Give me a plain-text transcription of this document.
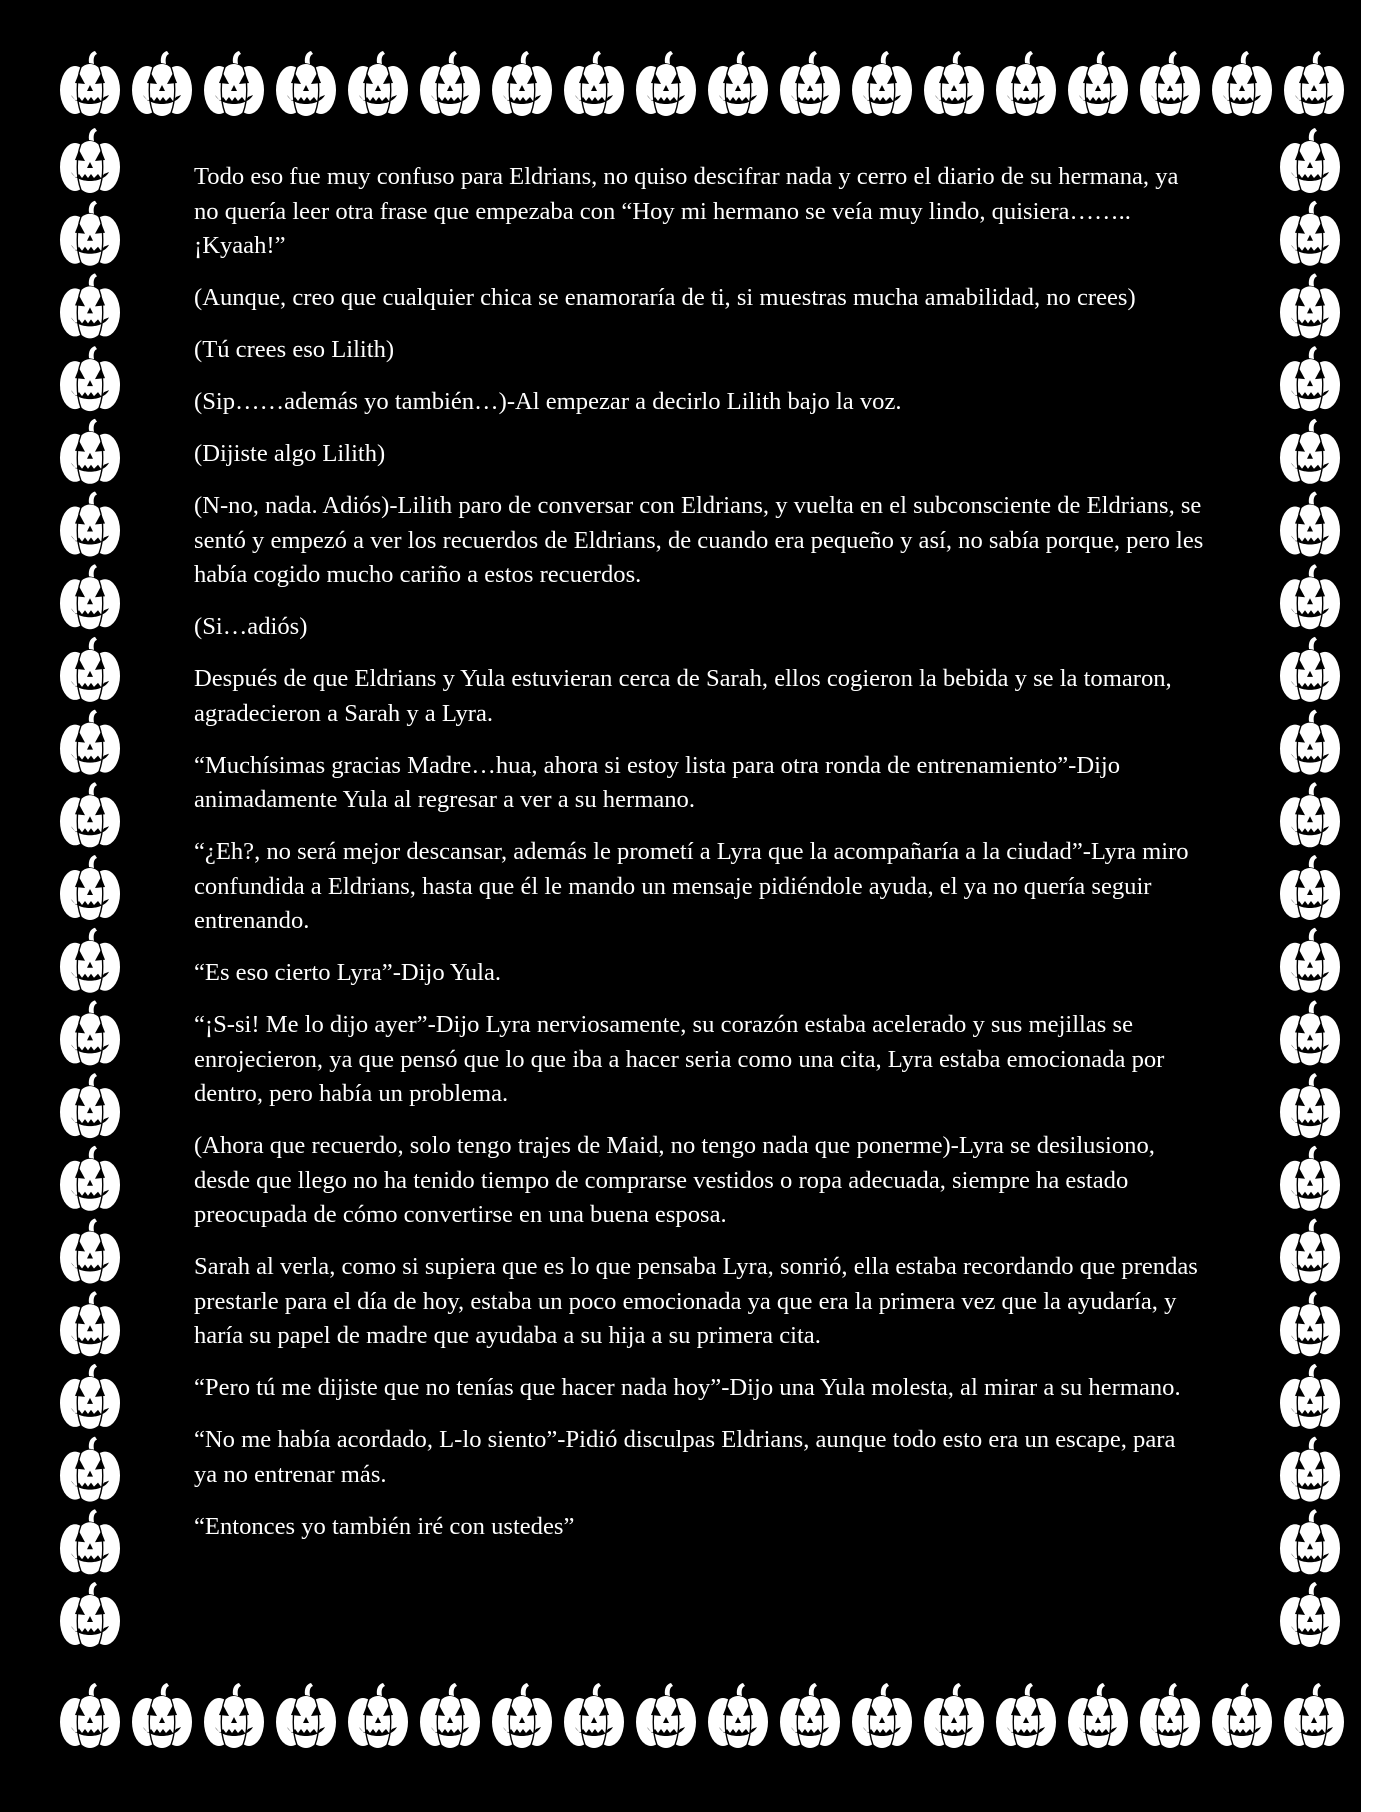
Todo eso fue muy confuso para Eldrians, no quiso descifrar nada y cerro el diario de su hermana, ya no quería leer otra frase que empezaba con “Hoy mi hermano se veía muy lindo, quisiera……..¡Kyaah!”

(Aunque, creo que cualquier chica se enamoraría de ti, si muestras mucha amabilidad, no crees)

(Tú crees eso Lilith)

(Sip……además yo también…)-Al empezar a decirlo Lilith bajo la voz.

(Dijiste algo Lilith)

(N-no, nada. Adiós)-Lilith paro de conversar con Eldrians, y vuelta en el subconsciente de Eldrians, se sentó y empezó a ver los recuerdos de Eldrians, de cuando era pequeño y así, no sabía porque, pero les había cogido mucho cariño a estos recuerdos.

(Si…adiós)

Después de que Eldrians y Yula estuvieran cerca de Sarah, ellos cogieron la bebida y se la tomaron, agradecieron a Sarah y a Lyra.

“Muchísimas gracias Madre…hua, ahora si estoy lista para otra ronda de entrenamiento”-Dijo animadamente Yula al regresar a ver a su hermano.

“¿Eh?, no será mejor descansar, además le prometí a Lyra que la acompañaría a la ciudad”-Lyra miro confundida a Eldrians, hasta que él le mando un mensaje pidiéndole ayuda, el ya no quería seguir entrenando.

“Es eso cierto Lyra”-Dijo Yula.

“¡S-si! Me lo dijo ayer”-Dijo Lyra nerviosamente, su corazón estaba acelerado y sus mejillas se enrojecieron, ya que pensó que lo que iba a hacer seria como una cita, Lyra estaba emocionada por dentro, pero había un problema.

(Ahora que recuerdo, solo tengo trajes de Maid, no tengo nada que ponerme)-Lyra se desilusiono, desde que llego no ha tenido tiempo de comprarse vestidos o ropa adecuada, siempre ha estado preocupada de cómo convertirse en una buena esposa.

Sarah al verla, como si supiera que es lo que pensaba Lyra, sonrió, ella estaba recordando que prendas prestarle para el día de hoy, estaba un poco emocionada ya que era la primera vez que la ayudaría, y haría su papel de madre que ayudaba a su hija a su primera cita.

“Pero tú me dijiste que no tenías que hacer nada hoy”-Dijo una Yula molesta, al mirar a su hermano.

“No me había acordado, L-lo siento”-Pidió disculpas Eldrians, aunque todo esto era un escape, para ya no entrenar más.

“Entonces yo también iré con ustedes”
